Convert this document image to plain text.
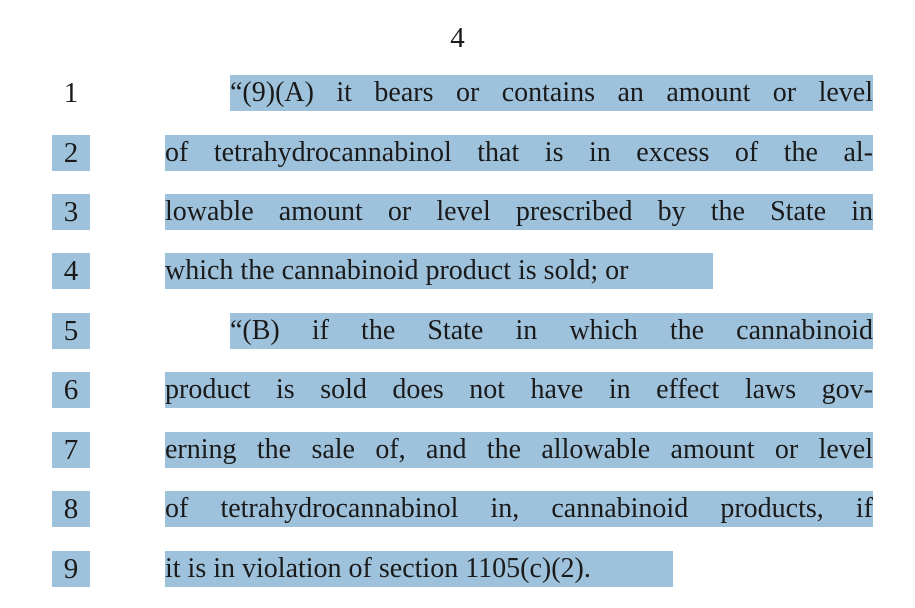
4
1	“(9)(A) it bears or contains an amount or level
2	of tetrahydrocannabinol that is in excess of the al-
3	lowable amount or level prescribed by the State in
4	which the cannabinoid product is sold; or
5	“(B) if the State in which the cannabinoid
6	product is sold does not have in effect laws gov-
7	erning the sale of, and the allowable amount or level
8	of tetrahydrocannabinol in, cannabinoid products, if
9	it is in violation of section 1105(c)(2).
